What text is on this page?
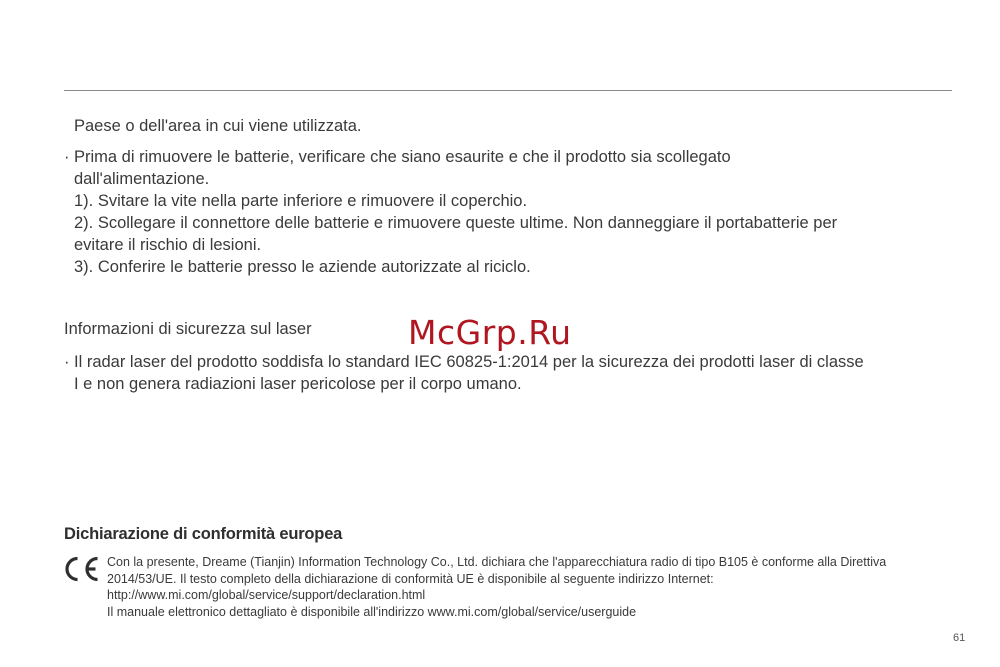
Paese o dell'area in cui viene utilizzata.

· Prima di rimuovere le batterie, verificare che siano esaurite e che il prodotto sia scollegato
dall'alimentazione.
1). Svitare la vite nella parte inferiore e rimuovere il coperchio.
2). Scollegare il connettore delle batterie e rimuovere queste ultime. Non danneggiare il portabatterie per
evitare il rischio di lesioni.
3). Conferire le batterie presso le aziende autorizzate al riciclo.
Informazioni di sicurezza sul laser	McGrp.Ru
· Il radar laser del prodotto soddisfa lo standard IEC 60825-1:2014 per la sicurezza dei prodotti laser di classe
I e non genera radiazioni laser pericolose per il corpo umano.
Dichiarazione di conformità europea
Con la presente, Dreame (Tianjin) Information Technology Co., Ltd. dichiara che l'apparecchiatura radio di tipo B105 è conforme alla Direttiva
2014/53/UE. Il testo completo della dichiarazione di conformità UE è disponibile al seguente indirizzo Internet:
http://www.mi.com/global/service/support/declaration.html
Il manuale elettronico dettagliato è disponibile all'indirizzo www.mi.com/global/service/userguide
61
